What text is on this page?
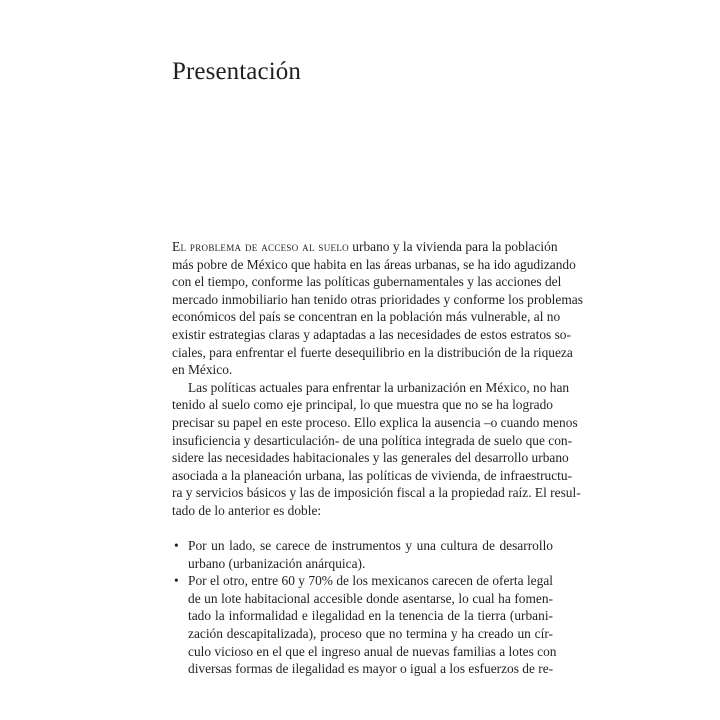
Presentación
El problema de acceso al suelo urbano y la vivienda para la población
más pobre de México que habita en las áreas urbanas, se ha ido agudizando
con el tiempo, conforme las políticas gubernamentales y las acciones del
mercado inmobiliario han tenido otras prioridades y conforme los problemas
económicos del país se concentran en la población más vulnerable, al no
existir estrategias claras y adaptadas a las necesidades de estos estratos so-
ciales, para enfrentar el fuerte desequilibrio en la distribución de la riqueza
en México.
Las políticas actuales para enfrentar la urbanización en México, no han
tenido al suelo como eje principal, lo que muestra que no se ha logrado
precisar su papel en este proceso. Ello explica la ausencia –o cuando menos
insuficiencia y desarticulación- de una política integrada de suelo que con-
sidere las necesidades habitacionales y las generales del desarrollo urbano
asociada a la planeación urbana, las políticas de vivienda, de infraestructu-
ra y servicios básicos y las de imposición fiscal a la propiedad raíz. El resul-
tado de lo anterior es doble:
• Por un lado, se carece de instrumentos y una cultura de desarrollo
urbano (urbanización anárquica).
• Por el otro, entre 60 y 70% de los mexicanos carecen de oferta legal
de un lote habitacional accesible donde asentarse, lo cual ha fomen-
tado la informalidad e ilegalidad en la tenencia de la tierra (urbani-
zación descapitalizada), proceso que no termina y ha creado un cír-
culo vicioso en el que el ingreso anual de nuevas familias a lotes con
diversas formas de ilegalidad es mayor o igual a los esfuerzos de re-
